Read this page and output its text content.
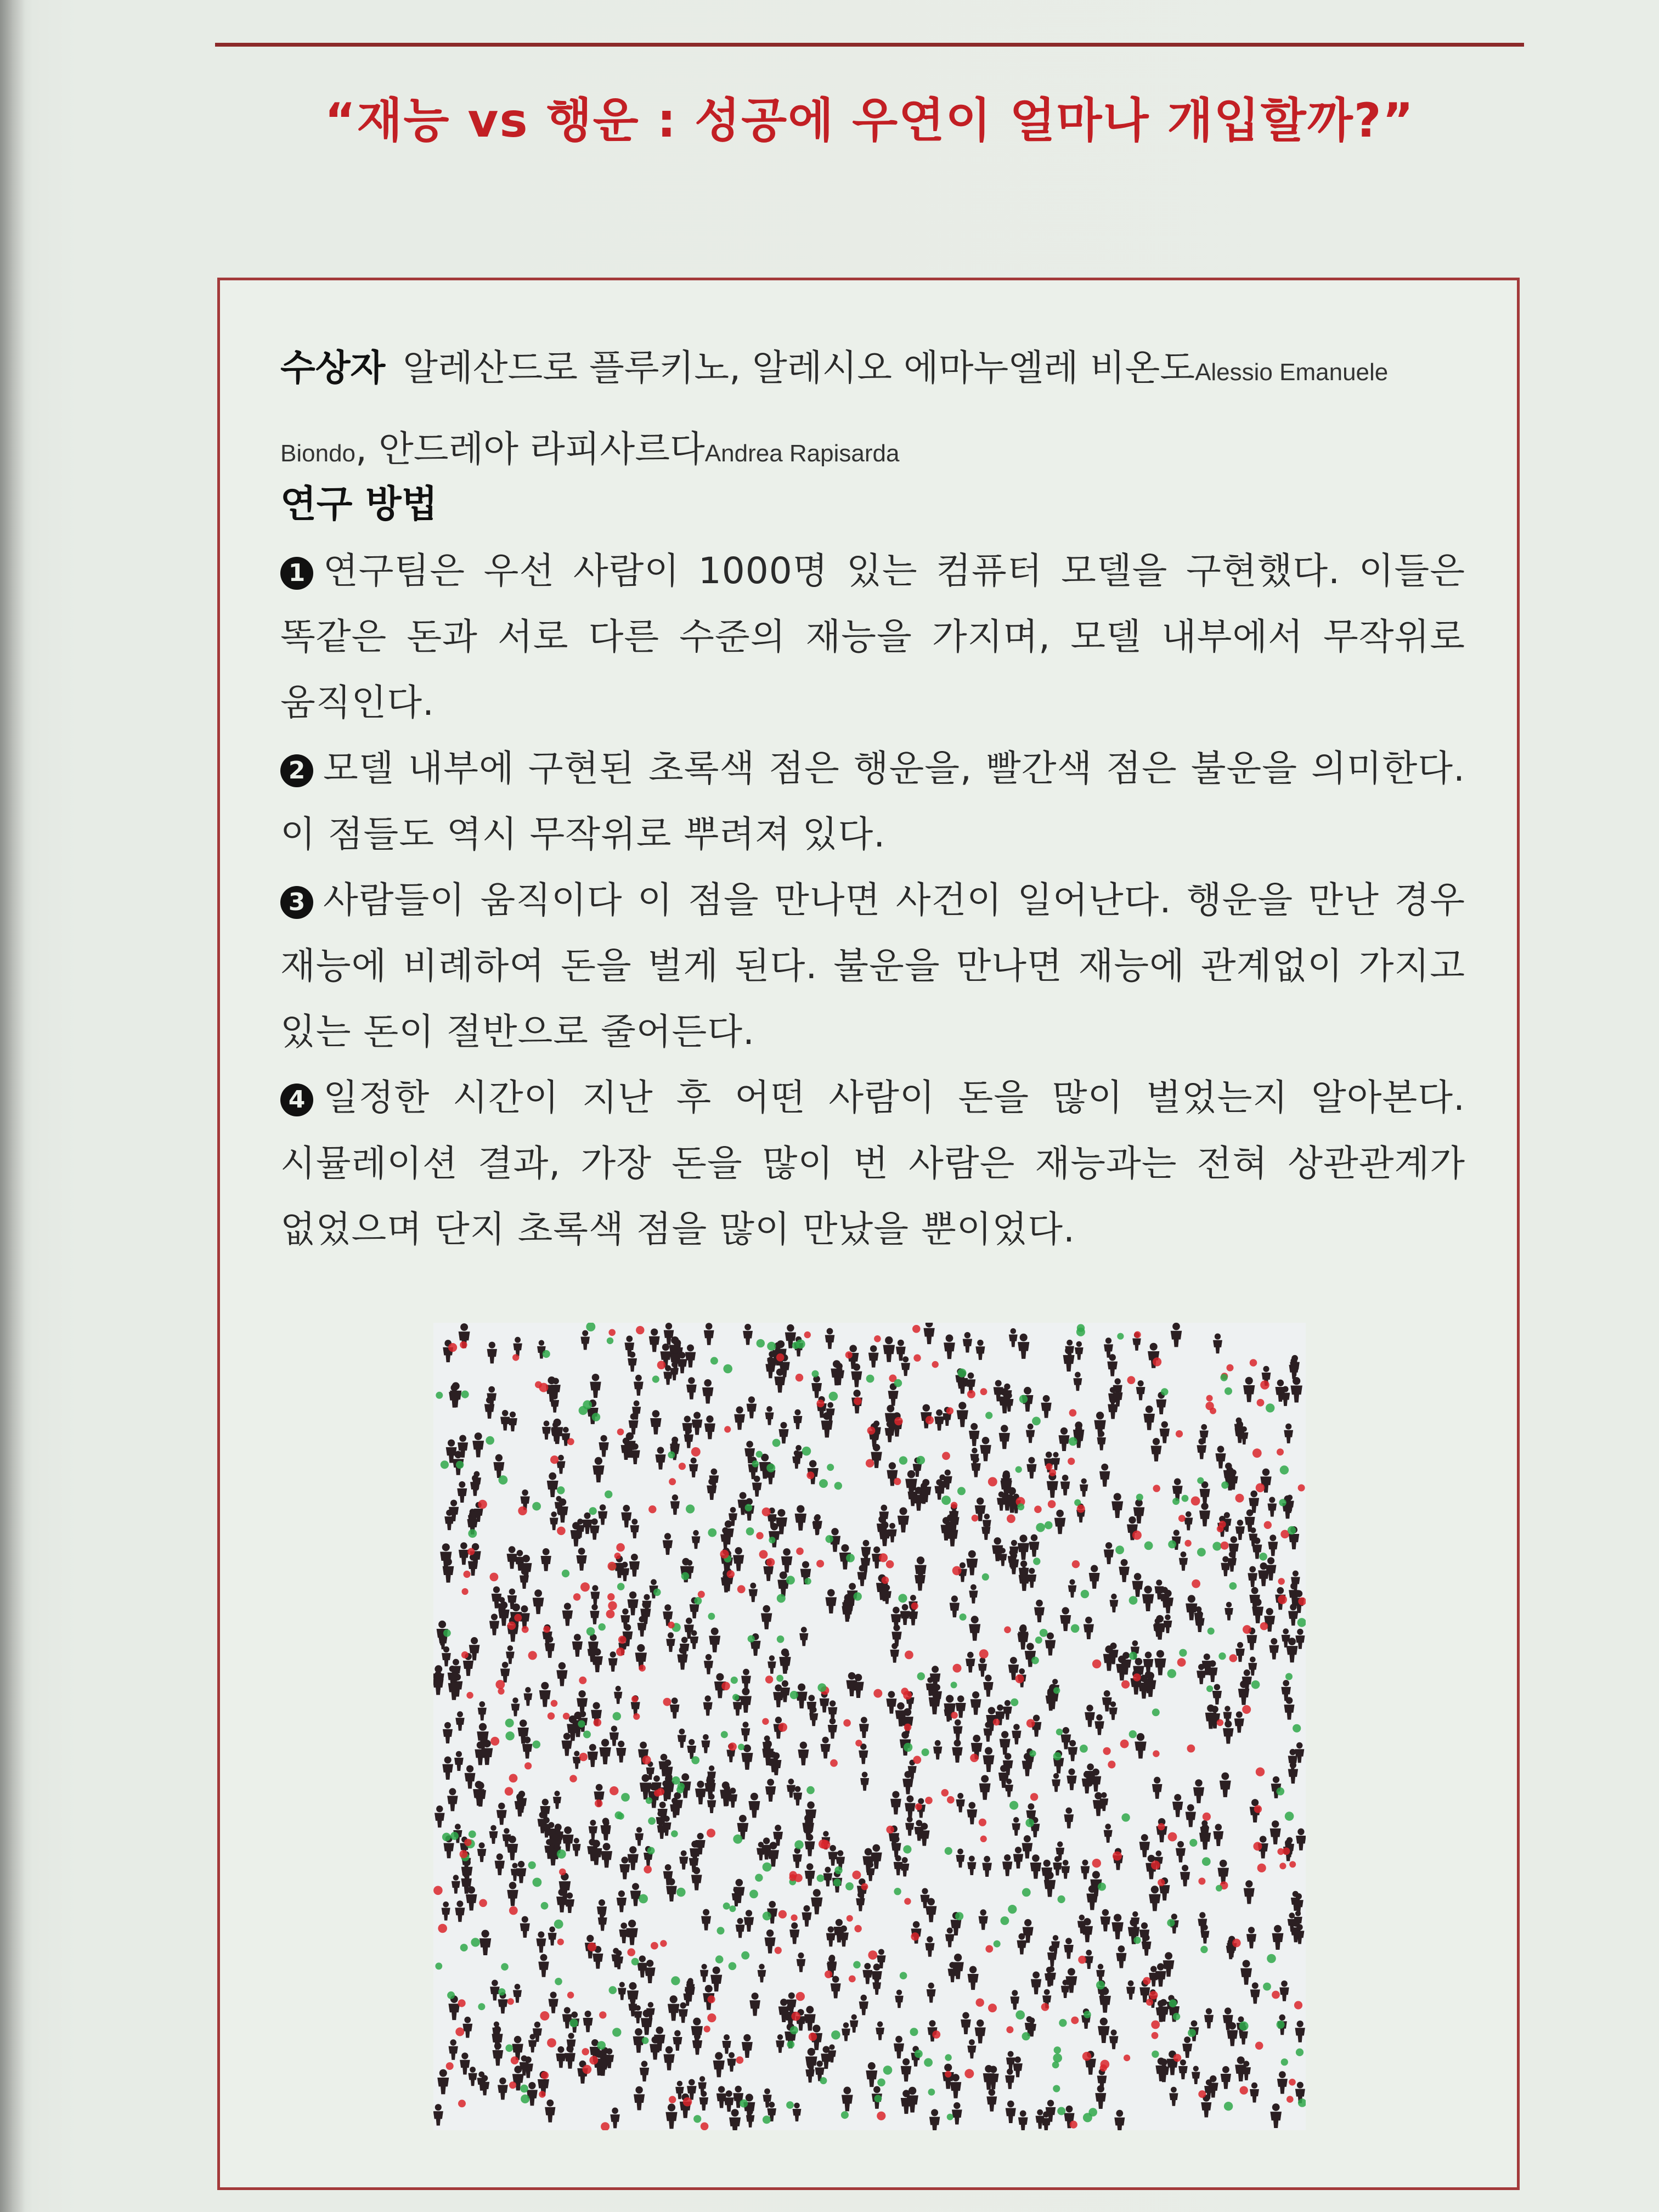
“재능 vs 행운 : 성공에 우연이 얼마나 개입할까?”
수상자 알레산드로 플루키노, 알레시오 에마누엘레 비온도Alessio Emanuele Biondo, 안드레아 라피사르다Andrea Rapisarda
연구 방법
1 연구팀은 우선 사람이 1000명 있는 컴퓨터 모델을 구현했다. 이들은 똑같은 돈과 서로 다른 수준의 재능을 가지며, 모델 내부에서 무작위로 움직인다.
2 모델 내부에 구현된 초록색 점은 행운을, 빨간색 점은 불운을 의미한다. 이 점들도 역시 무작위로 뿌려져 있다.
3 사람들이 움직이다 이 점을 만나면 사건이 일어난다. 행운을 만난 경우 재능에 비례하여 돈을 벌게 된다. 불운을 만나면 재능에 관계없이 가지고 있는 돈이 절반으로 줄어든다.
4 일정한 시간이 지난 후 어떤 사람이 돈을 많이 벌었는지 알아본다. 시뮬레이션 결과, 가장 돈을 많이 번 사람은 재능과는 전혀 상관관계가 없었으며 단지 초록색 점을 많이 만났을 뿐이었다.
